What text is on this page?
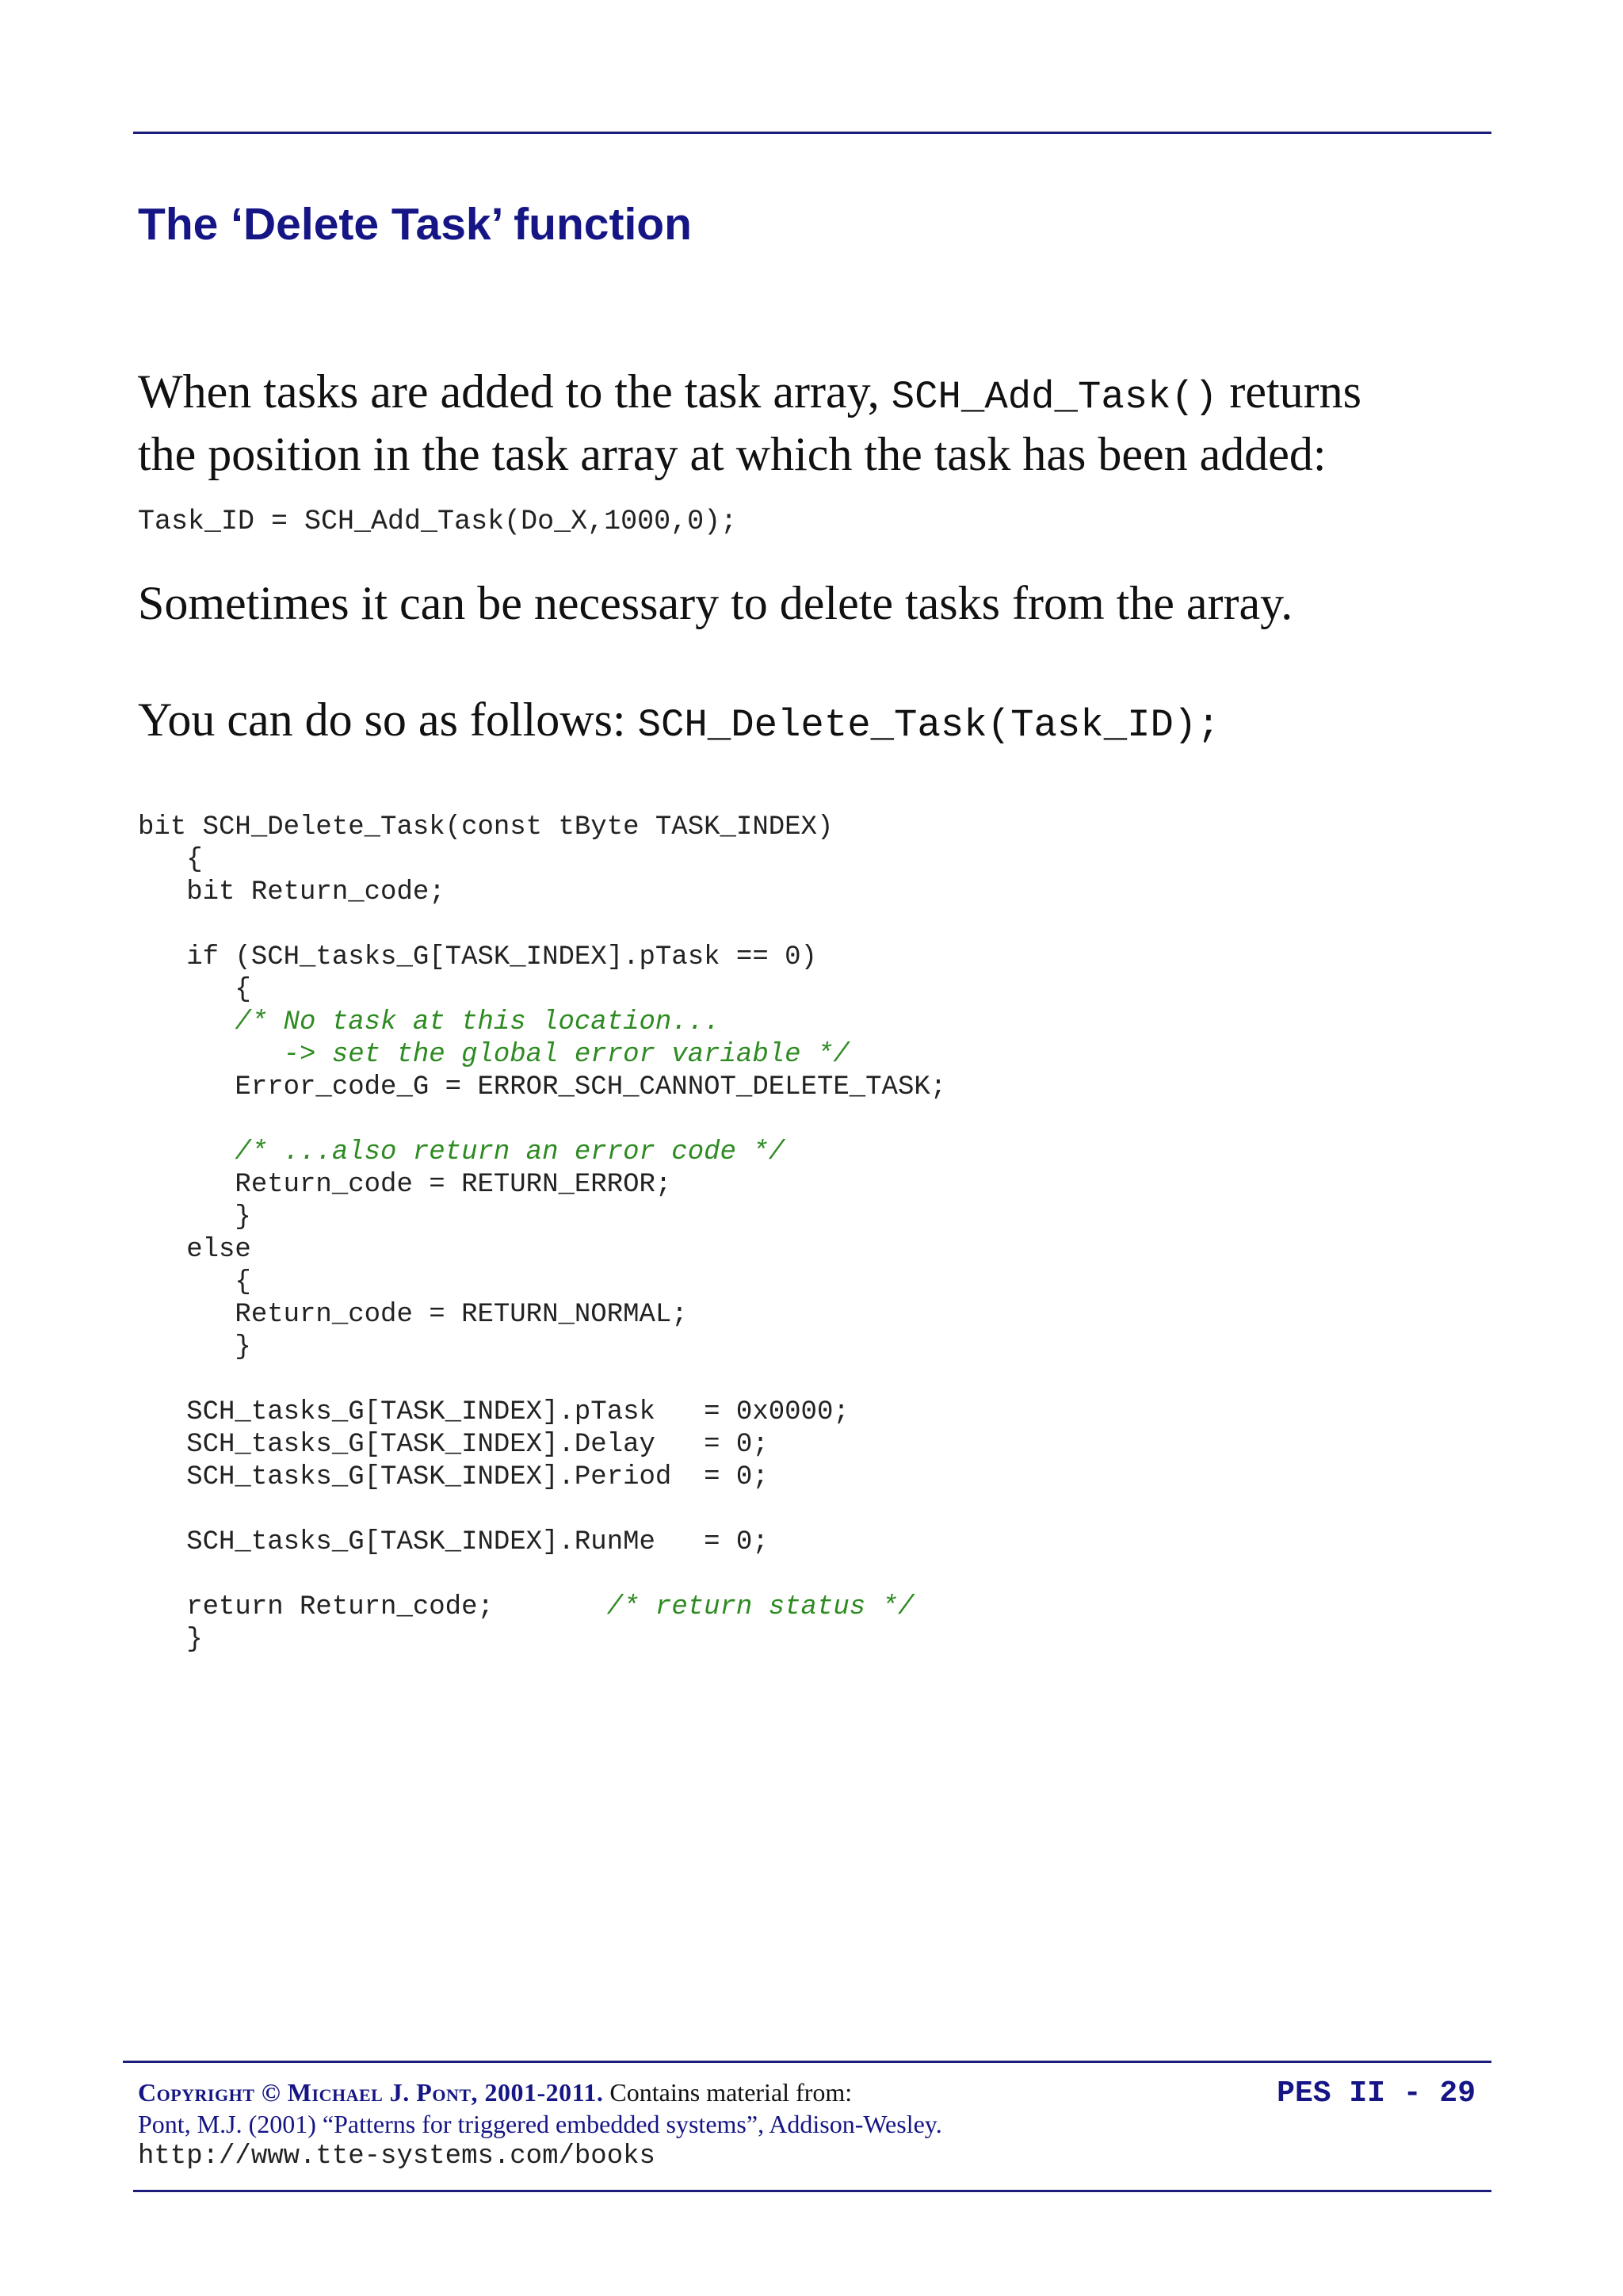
The ‘Delete Task’ function
When tasks are added to the task array, SCH_Add_Task() returns
the position in the task array at which the task has been added:
Task_ID = SCH_Add_Task(Do_X,1000,0);
Sometimes it can be necessary to delete tasks from the array.
You can do so as follows: SCH_Delete_Task(Task_ID);
bit SCH_Delete_Task(const tByte TASK_INDEX)
{
bit Return_code;
if (SCH_tasks_G[TASK_INDEX].pTask == 0)
{
/* No task at this location...
-> set the global error variable */
Error_code_G = ERROR_SCH_CANNOT_DELETE_TASK;
/* ...also return an error code */
Return_code = RETURN_ERROR;
}
else
{
Return_code = RETURN_NORMAL;
}
SCH_tasks_G[TASK_INDEX].pTask   = 0x0000;
SCH_tasks_G[TASK_INDEX].Delay   = 0;
SCH_tasks_G[TASK_INDEX].Period  = 0;
SCH_tasks_G[TASK_INDEX].RunMe   = 0;
return Return_code;       /* return status */
}
Copyright © Michael J. Pont, 2001-2011. Contains material from:
Pont, M.J. (2001) “Patterns for triggered embedded systems”, Addison-Wesley.
http://www.tte-systems.com/books
PES II - 29
